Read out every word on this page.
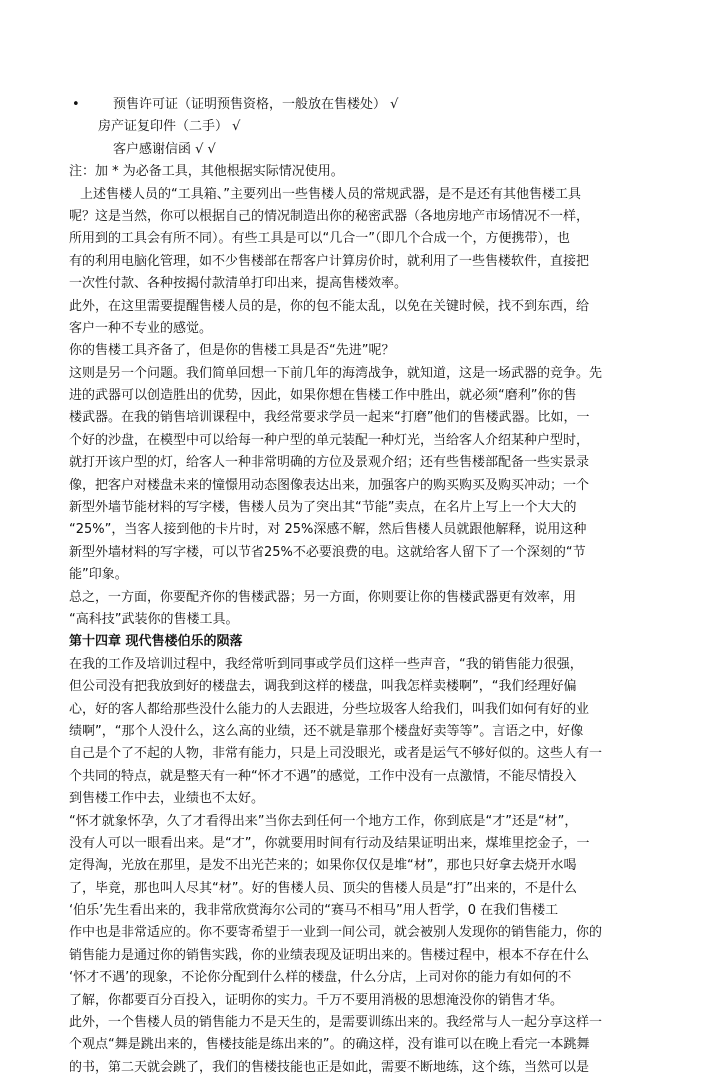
•	预售许可证（证明预售资格，一般放在售楼处） √
房产证复印件（二手） √
客户感谢信函 √ √
注：加 * 为必备工具，其他根据实际情况使用。
上述售楼人员的“工具箱、”主要列出一些售楼人员的常规武器，是不是还有其他售楼工具
呢？这是当然，你可以根据自己的情况制造出你的秘密武器（各地房地产市场情况不一样，
所用到的工具会有所不同）。有些工具是可以“几合一”（即几个合成一个，方便携带），也
有的利用电脑化管理，如不少售楼部在帮客户计算房价时，就利用了一些售楼软件，直接把
一次性付款、各种按揭付款清单打印出来，提高售楼效率。
此外，在这里需要提醒售楼人员的是，你的包不能太乱，以免在关键时候，找不到东西，给
客户一种不专业的感觉。
你的售楼工具齐备了，但是你的售楼工具是否“先进”呢？
这则是另一个问题。我们简单回想一下前几年的海湾战争，就知道，这是一场武器的竞争。先
进的武器可以创造胜出的优势，因此，如果你想在售楼工作中胜出，就必须“磨利”你的售
楼武器。在我的销售培训课程中，我经常要求学员一起来“打磨”他们的售楼武器。比如，一
个好的沙盘，在模型中可以给每一种户型的单元装配一种灯光，当给客人介绍某种户型时，
就打开该户型的灯，给客人一种非常明确的方位及景观介绍；还有些售楼部配备一些实景录
像，把客户对楼盘未来的憧憬用动态图像表达出来，加强客户的购买购买及购买冲动；一个
新型外墙节能材料的写字楼，售楼人员为了突出其“节能”卖点，在名片上写上一个大大的
“25%”，当客人接到他的卡片时，对 25%深感不解，然后售楼人员就跟他解释，说用这种
新型外墙材料的写字楼，可以节省25%不必要浪费的电。这就给客人留下了一个深刻的“节
能”印象。
总之，一方面，你要配齐你的售楼武器；另一方面，你则要让你的售楼武器更有效率，用
“高科技”武装你的售楼工具。
第十四章 现代售楼伯乐的陨落
在我的工作及培训过程中，我经常听到同事或学员们这样一些声音，“我的销售能力很强，
但公司没有把我放到好的楼盘去，调我到这样的楼盘，叫我怎样卖楼啊”，“我们经理好偏
心，好的客人都给那些没什么能力的人去跟进，分些垃圾客人给我们，叫我们如何有好的业
绩啊”，“那个人没什么，这么高的业绩，还不就是靠那个楼盘好卖等等”。言语之中，好像
自己是个了不起的人物，非常有能力，只是上司没眼光，或者是运气不够好似的。这些人有一
个共同的特点，就是整天有一种“怀才不遇”的感觉，工作中没有一点激情，不能尽情投入
到售楼工作中去，业绩也不太好。
“怀才就象怀孕，久了才看得出来”当你去到任何一个地方工作，你到底是“才”还是“材”，
没有人可以一眼看出来。是“才”，你就要用时间有行动及结果证明出来，煤堆里挖金子，一
定得淘，光放在那里，是发不出光芒来的；如果你仅仅是堆“材”，那也只好拿去烧开水喝
了，毕竟，那也叫人尽其“材”。好的售楼人员、顶尖的售楼人员是“打”出来的，不是什么
‘伯乐’先生看出来的，我非常欣赏海尔公司的“赛马不相马”用人哲学，0 在我们售楼工
作中也是非常适应的。你不要寄希望于一业到一间公司，就会被别人发现你的销售能力，你的
销售能力是通过你的销售实践，你的业绩表现及证明出来的。售楼过程中，根本不存在什么
‘怀才不遇’的现象，不论你分配到什么样的楼盘，什么分店，上司对你的能力有如何的不
了解，你都要百分百投入，证明你的实力。千万不要用消极的思想淹没你的销售才华。
此外，一个售楼人员的销售能力不是天生的，是需要训练出来的。我经常与人一起分享这样一
个观点“舞是跳出来的，售楼技能是练出来的”。的确这样，没有谁可以在晚上看完一本跳舞
的书，第二天就会跳了，我们的售楼技能也正是如此，需要不断地练，这个练，当然可以是
